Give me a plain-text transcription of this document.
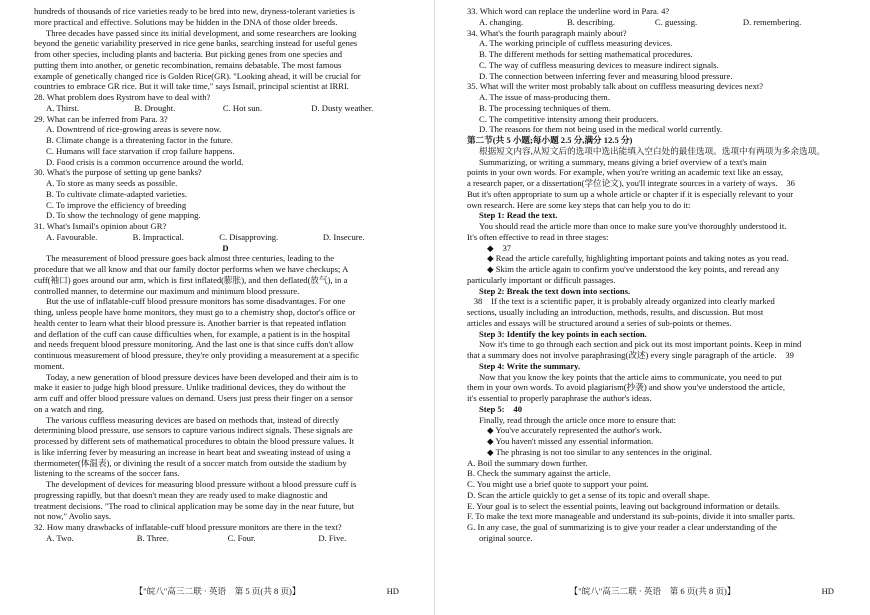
hundreds of thousands of rice varieties ready to be bred into new, dryness-tolerant varieties is
more practical and effective. Solutions may be hidden in the DNA of those older breeds.
Three decades have passed since its initial development, and some researchers are looking
beyond the genetic variability preserved in rice gene banks, searching instead for useful genes
from other species, including plants and bacteria. But picking genes from one species and
putting them into another, or genetic recombination, remains debatable. The most famous
example of genetically changed rice is Golden Rice(GR). "Looking ahead, it will be crucial for
countries to embrace GR rice. But it will take time," says Ismail, principal scientist at IRRI.
28. What problem does Rystrom have to deal with?
A. Thirst.	B. Drought.	C. Hot sun.	D. Dusty weather.
29. What can be inferred from Para. 3?
A. Downtrend of rice-growing areas is severe now.
B. Climate change is a threatening factor in the future.
C. Humans will face starvation if crop failure happens.
D. Food crisis is a common occurrence around the world.
30. What's the purpose of setting up gene banks?
A. To store as many seeds as possible.
B. To cultivate climate-adapted varieties.
C. To improve the efficiency of breeding
D. To show the technology of gene mapping.
31. What's Ismail's opinion about GR?
A. Favourable.	B. Impractical.	C. Disapproving.	D. Insecure.
D
The measurement of blood pressure goes back almost three centuries, leading to the
procedure that we all know and that our family doctor performs when we have checkups; A
cuff(袖口) goes around our arm, which is first inflated(膨胀), and then deflated(放气), in a
controlled manner, to determine our maximum and minimum blood pressure.
But the use of inflatable-cuff blood pressure monitors has some disadvantages. For one
thing, unless people have home monitors, they must go to a chemistry shop, doctor's office or
health center to learn what their blood pressure is. Another barrier is that repeated inflation
and deflation of the cuff can cause difficulties when, for example, a patient is in the hospital
and needs frequent blood pressure monitoring. And the last one is that since cuffs don't allow
continuous measurement of blood pressure, they're only providing a measurement at a specific
moment.
Today, a new generation of blood pressure devices have been developed and their aim is to
make it easier to judge high blood pressure. Unlike traditional devices, they do without the
arm cuff and offer blood pressure values on demand. Users just press their finger on a sensor
on a watch and ring.
The various cuffless measuring devices are based on methods that, instead of directly
determining blood pressure, use sensors to capture various indirect signals. These signals are
processed by different sets of mathematical procedures to obtain the blood pressure values. It
is like inferring fever by measuring an increase in heart beat and sweating instead of using a
thermometer(体温表), or divining the result of a soccer match from outside the stadium by
listening to the screams of the soccer fans.
The development of devices for measuring blood pressure without a blood pressure cuff is
progressing rapidly, but that doesn't mean they are ready used to make diagnostic and
treatment decisions. "The road to clinical application may be some day in the near future, but
not now," Avolio says.
32. How many drawbacks of inflatable-cuff blood pressure monitors are there in the text?
A. Two.	B. Three.	C. Four.	D. Five.
【"皖八"高三二联 · 英语　第 5 页(共 8 页)】	HD
33. Which word can replace the underline word in Para. 4?
A. changing.	B. describing.	C. guessing.	D. remembering.
34. What's the fourth paragraph mainly about?
A. The working principle of cuffless measuring devices.
B. The different methods for setting mathematical procedures.
C. The way of cuffless measuring devices to measure indirect signals.
D. The connection between inferring fever and measuring blood pressure.
35. What will the writer most probably talk about on cuffless measuring devices next?
A. The issue of mass-producing them.
B. The processing techniques of them.
C. The competitive intensity among their producers.
D. The reasons for them not being used in the medical world currently.
第二节(共 5 小题;每小题 2.5 分,满分 12.5 分)
根据短文内容,从短文后的选项中选出能填入空白处的最佳选项。选项中有两项为多余选项。
Summarizing, or writing a summary, means giving a brief overview of a text's main
points in your own words. For example, when you're writing an academic text like an essay,
a research paper, or a dissertation(学位论文), you'll integrate sources in a variety of ways. 36
But it's often appropriate to sum up a whole article or chapter if it is especially relevant to your
own research. Here are some key steps that can help you to do it:
Step 1: Read the text.
You should read the article more than once to make sure you've thoroughly understood it.
It's often effective to read in three stages:
◆ 37
◆ Read the article carefully, highlighting important points and taking notes as you read.
◆ Skim the article again to confirm you've understood the key points, and reread any
particularly important or difficult passages.
Step 2: Break the text down into sections.
38 If the text is a scientific paper, it is probably already organized into clearly marked
sections, usually including an introduction, methods, results, and discussion. But most
articles and essays will be structured around a series of sub-points or themes.
Step 3: Identify the key points in each section.
Now it's time to go through each section and pick out its most important points. Keep in mind
that a summary does not involve paraphrasing(改述) every single paragraph of the article. 39
Step 4: Write the summary.
Now that you know the key points that the article aims to communicate, you need to put
them in your own words. To avoid plagiarism(抄袭) and show you've understood the article,
it's essential to properly paraphrase the author's ideas.
Step 5: 40
Finally, read through the article once more to ensure that:
◆ You've accurately represented the author's work.
◆ You haven't missed any essential information.
◆ The phrasing is not too similar to any sentences in the original.
A. Boil the summary down further.
B. Check the summary against the article.
C. You might use a brief quote to support your point.
D. Scan the article quickly to get a sense of its topic and overall shape.
E. Your goal is to select the essential points, leaving out background information or details.
F. To make the text more manageable and understand its sub-points, divide it into smaller parts.
G. In any case, the goal of summarizing is to give your reader a clear understanding of the
original source.
【"皖八"高三二联 · 英语　第 6 页(共 8 页)】	HD
